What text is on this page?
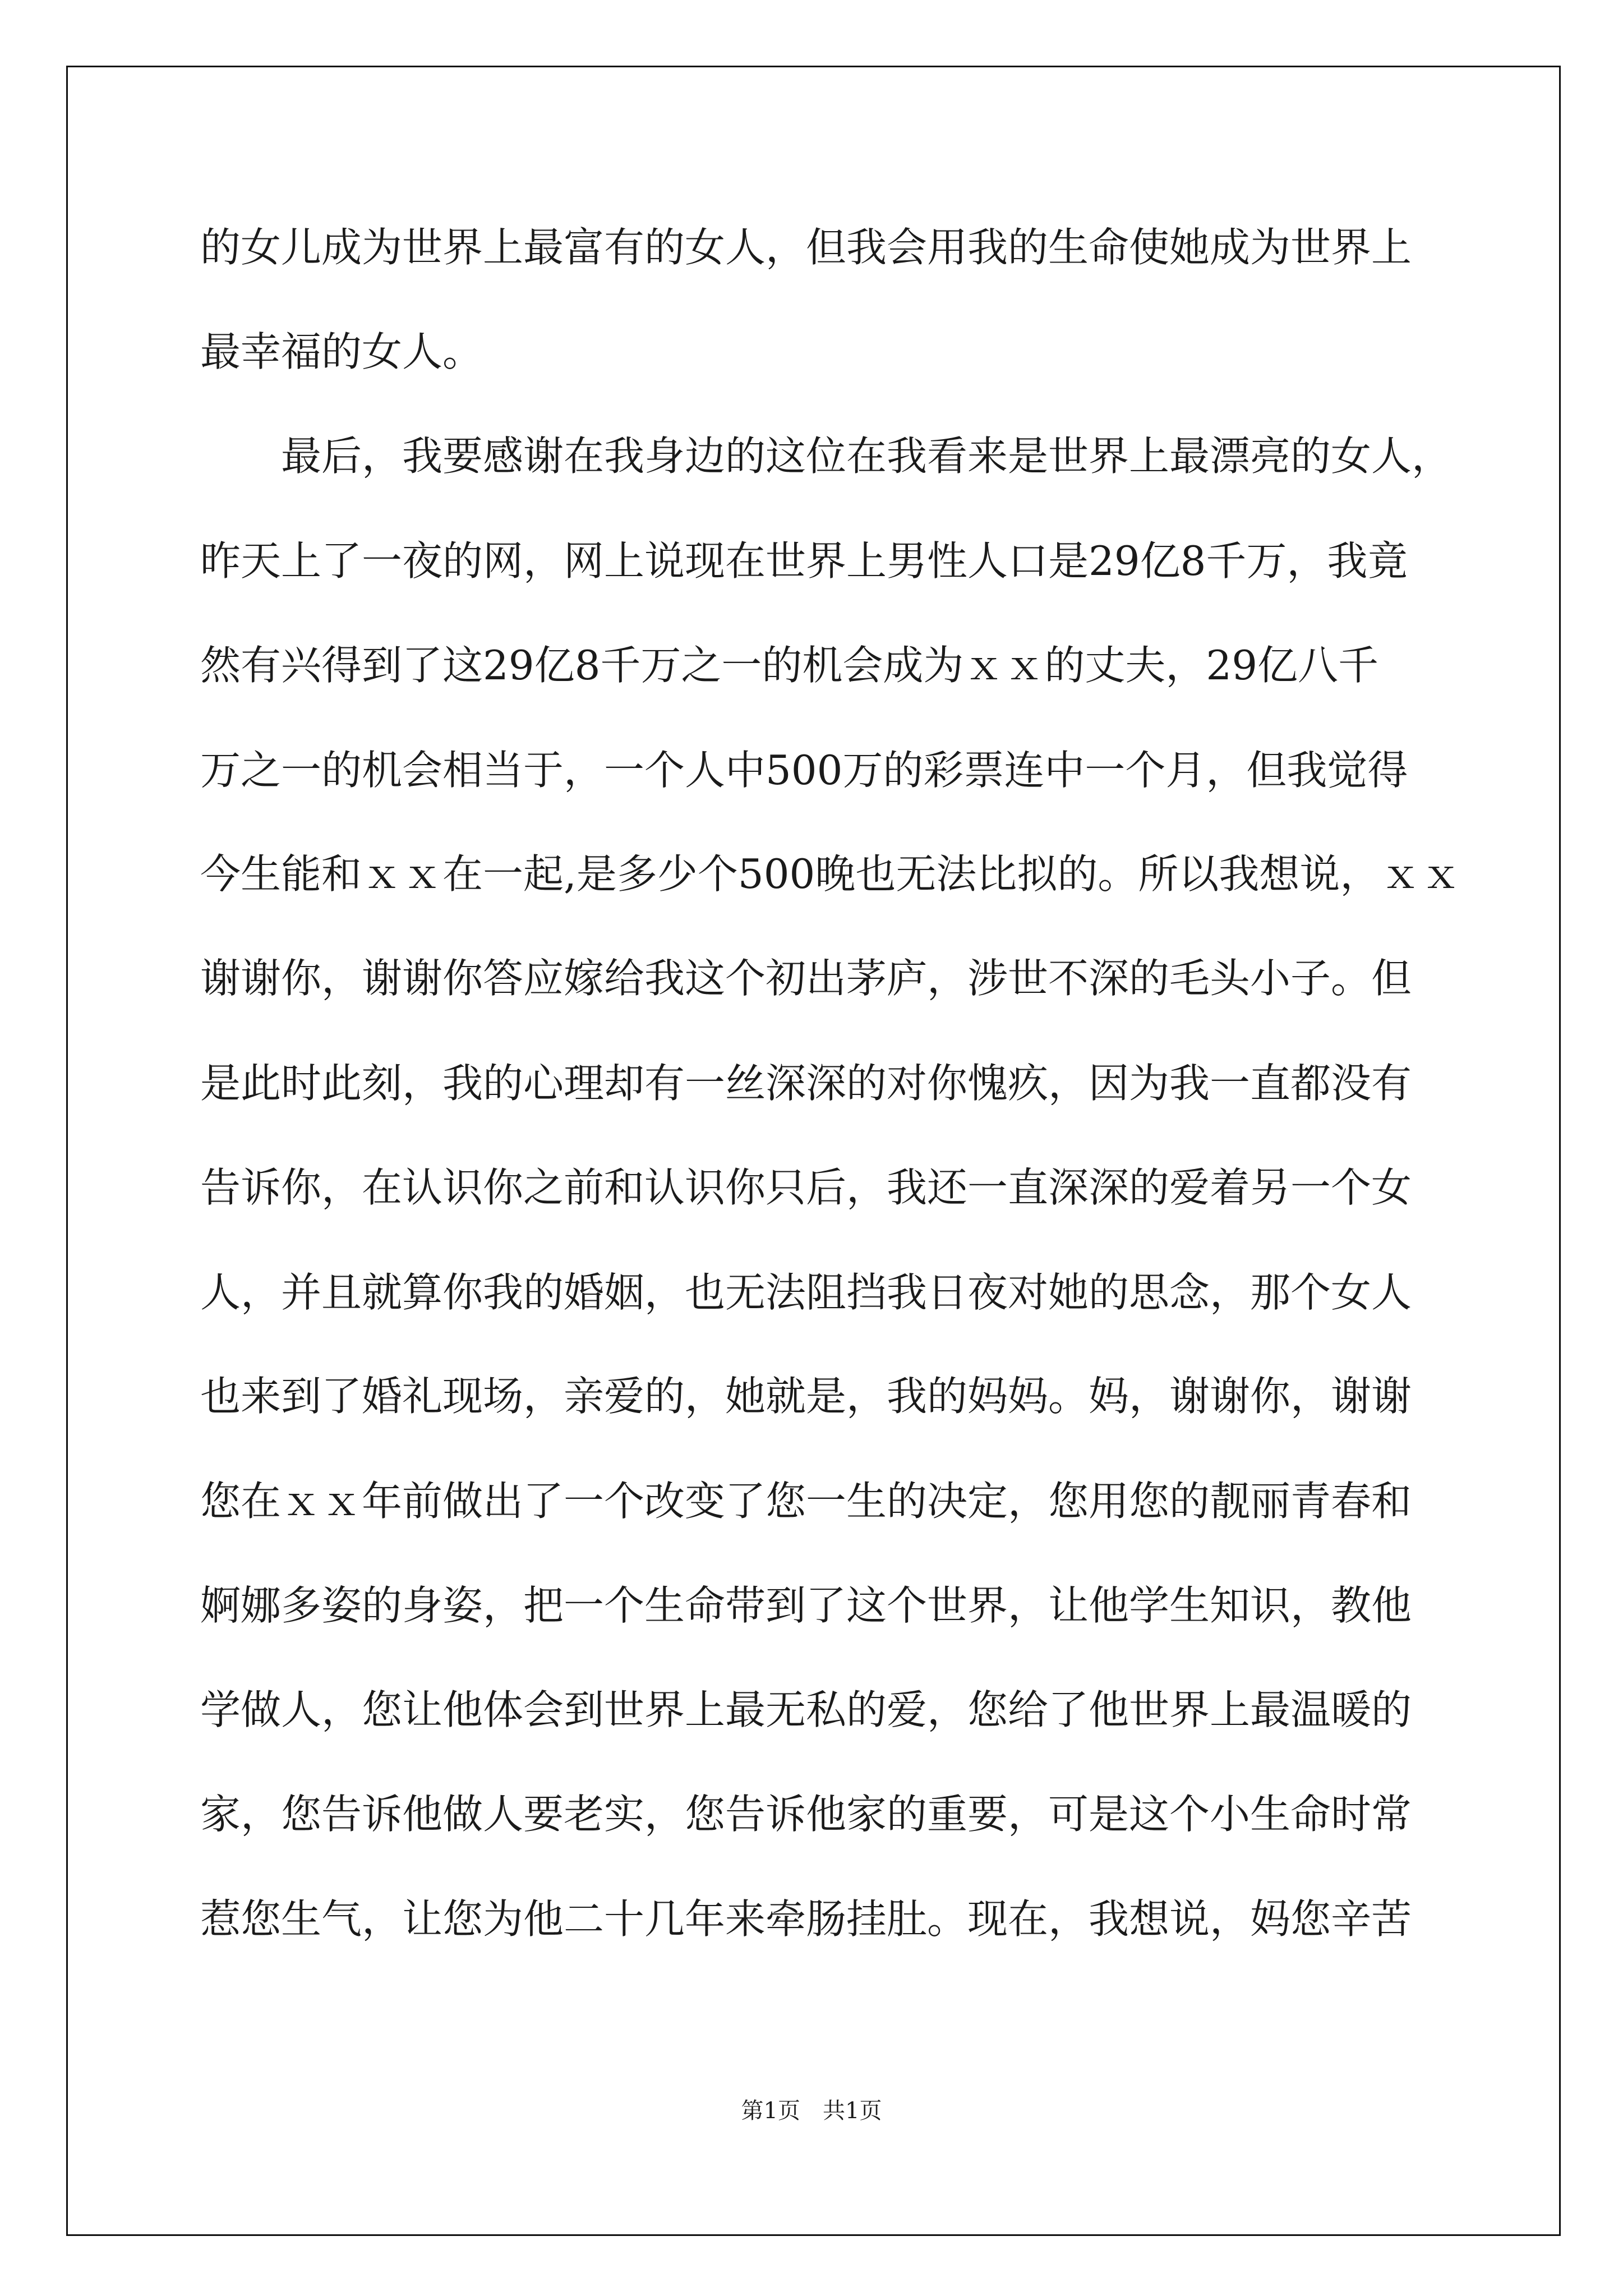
的女儿成为世界上最富有的女人，但我会用我的生命使她成为世界上

最幸福的女人。

　　最后，我要感谢在我身边的这位在我看来是世界上最漂亮的女人，

昨天上了一夜的网，网上说现在世界上男性人口是29亿8千万，我竟

然有兴得到了这29亿8千万之一的机会成为ｘｘ的丈夫，29亿八千

万之一的机会相当于，一个人中500万的彩票连中一个月，但我觉得

今生能和ｘｘ在一起,是多少个500晚也无法比拟的。所以我想说，ｘｘ

谢谢你，谢谢你答应嫁给我这个初出茅庐，涉世不深的毛头小子。但

是此时此刻，我的心理却有一丝深深的对你愧疚，因为我一直都没有

告诉你，在认识你之前和认识你只后，我还一直深深的爱着另一个女

人，并且就算你我的婚姻，也无法阻挡我日夜对她的思念，那个女人

也来到了婚礼现场，亲爱的，她就是，我的妈妈。妈，谢谢你，谢谢

您在ｘｘ年前做出了一个改变了您一生的决定，您用您的靓丽青春和

婀娜多姿的身姿，把一个生命带到了这个世界，让他学生知识，教他

学做人，您让他体会到世界上最无私的爱，您给了他世界上最温暖的

家，您告诉他做人要老实，您告诉他家的重要，可是这个小生命时常

惹您生气，让您为他二十几年来牵肠挂肚。现在，我想说，妈您辛苦

第1页　共1页
